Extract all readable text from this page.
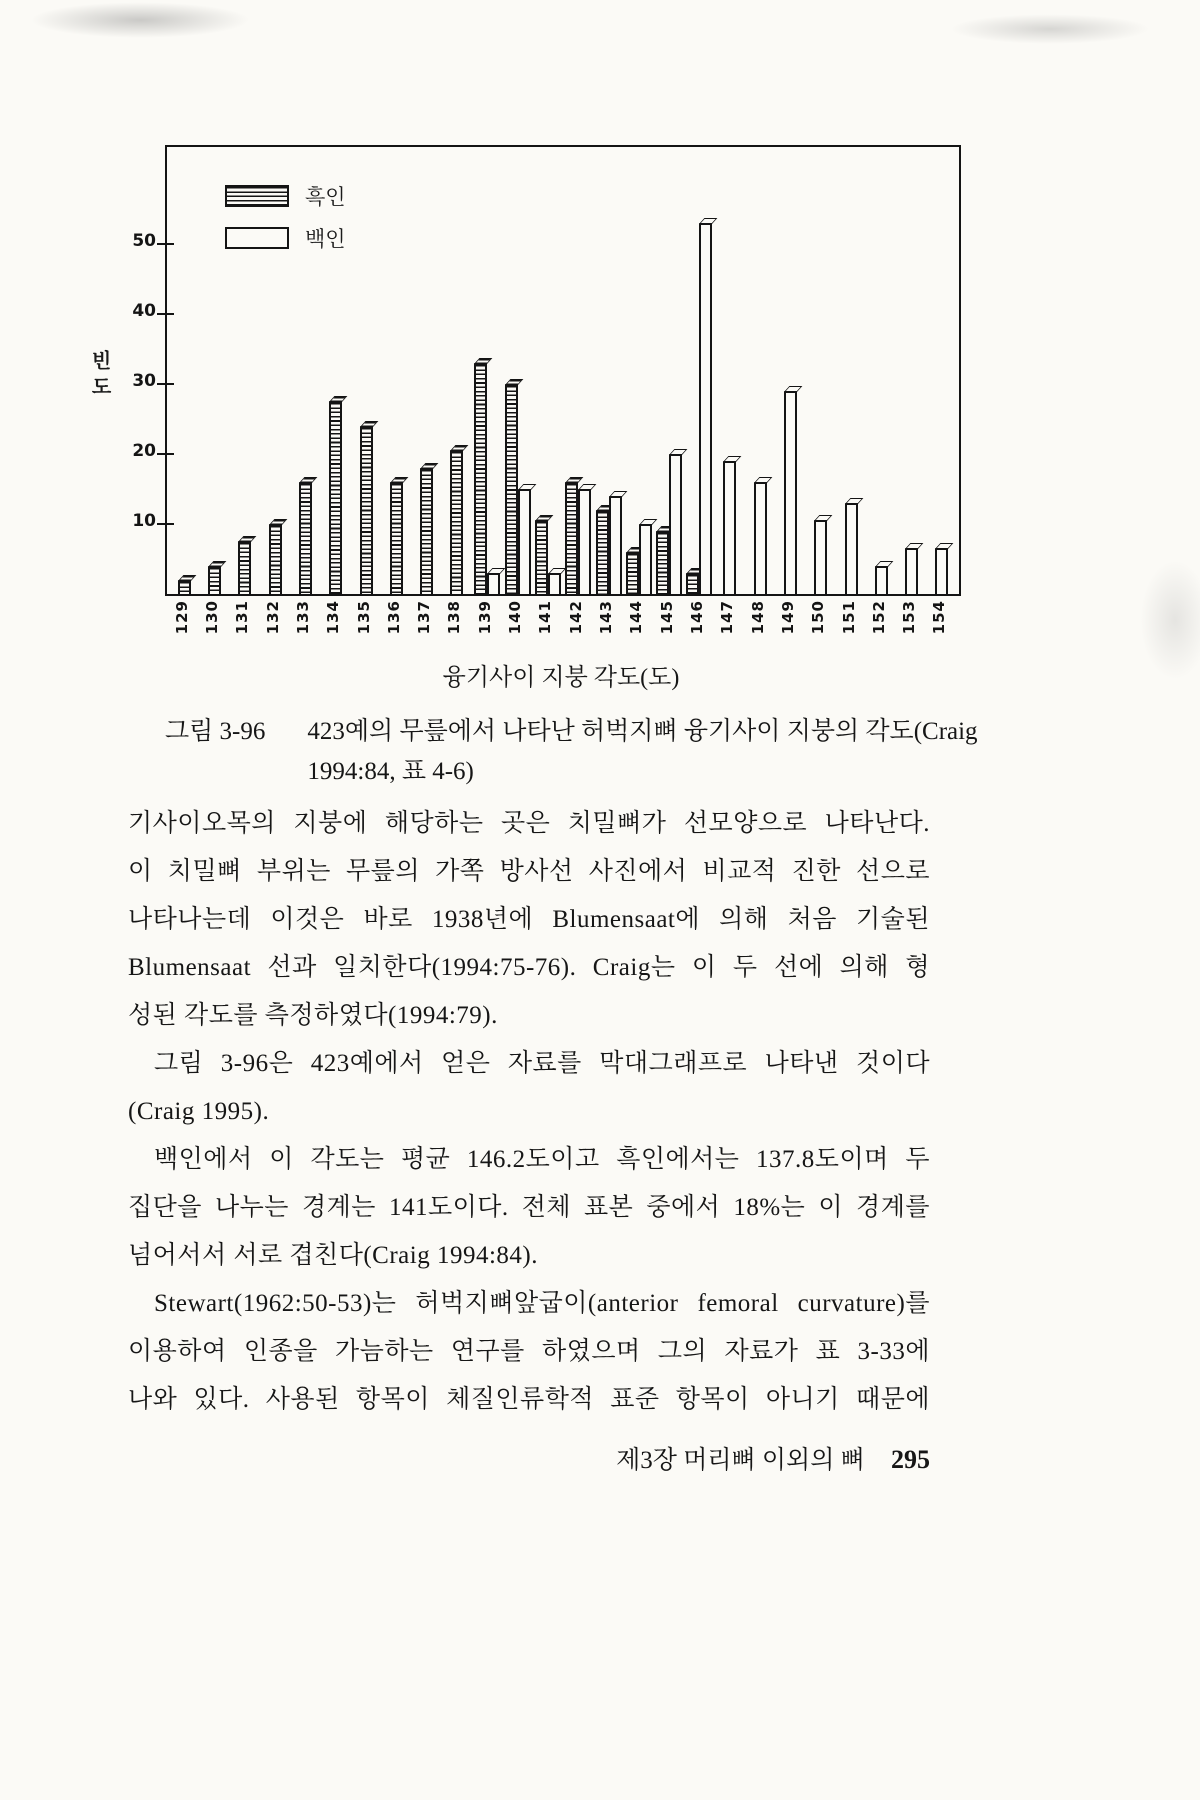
빈도
10
20
30
40
50
흑인
백인
129 130 131 132 133 134 135 136 137 138 139 140 141 142 143 144 145 146 147 148 149 150 151 152 153 154
융기사이 지붕 각도(도)
그림 3-96 423예의 무릎에서 나타난 허벅지뼈 융기사이 지붕의 각도(Craig
1994:84, 표 4-6)
기사이오목의 지붕에 해당하는 곳은 치밀뼈가 선모양으로 나타난다.
이 치밀뼈 부위는 무릎의 가쪽 방사선 사진에서 비교적 진한 선으로
나타나는데 이것은 바로 1938년에 Blumensaat에 의해 처음 기술된
Blumensaat 선과 일치한다(1994:75-76). Craig는 이 두 선에 의해 형
성된 각도를 측정하였다(1994:79).
그림 3-96은 423예에서 얻은 자료를 막대그래프로 나타낸 것이다
(Craig 1995).
백인에서 이 각도는 평균 146.2도이고 흑인에서는 137.8도이며 두
집단을 나누는 경계는 141도이다. 전체 표본 중에서 18%는 이 경계를
넘어서서 서로 겹친다(Craig 1994:84).
Stewart(1962:50-53)는 허벅지뼈앞굽이(anterior femoral curvature)를
이용하여 인종을 가늠하는 연구를 하였으며 그의 자료가 표 3-33에
나와 있다. 사용된 항목이 체질인류학적 표준 항목이 아니기 때문에
제3장 머리뼈 이외의 뼈 295
